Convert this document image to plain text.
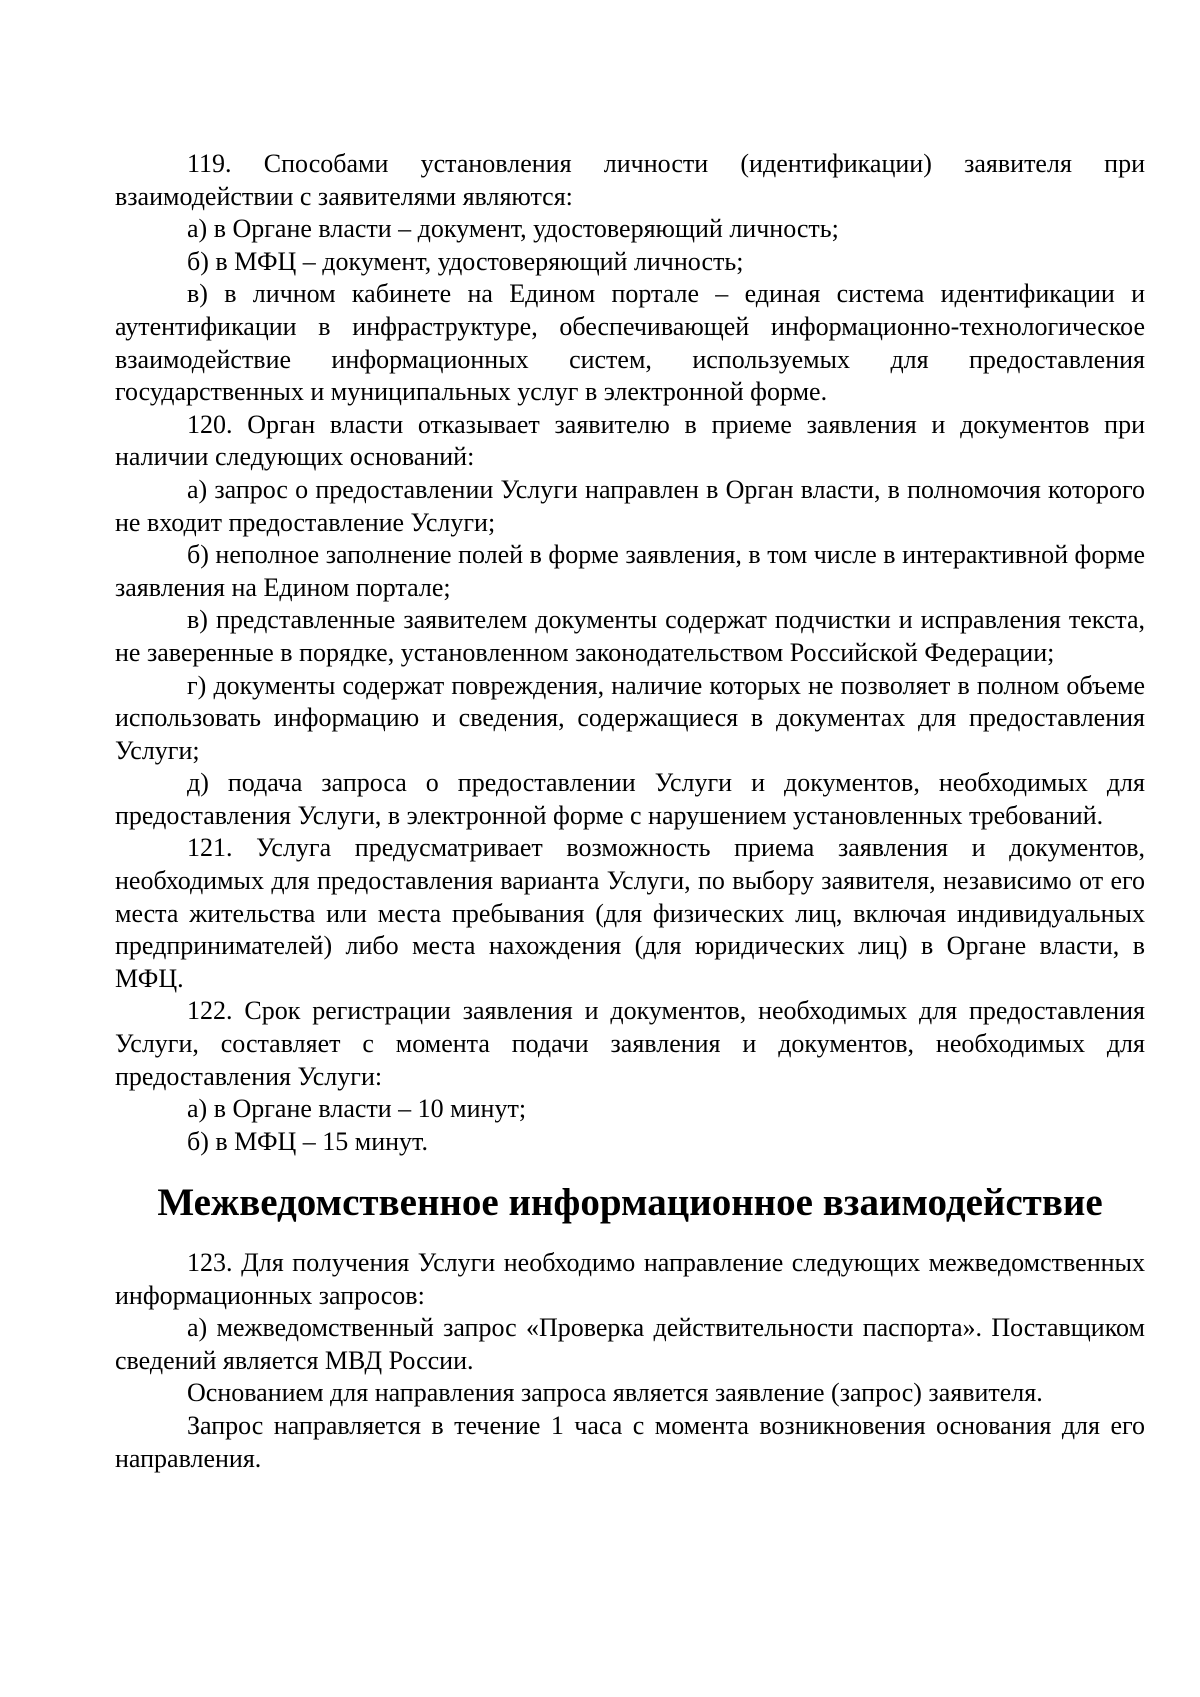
119. Способами установления личности (идентификации) заявителя при взаимодействии с заявителями являются:

а) в Органе власти – документ, удостоверяющий личность;

б) в МФЦ – документ, удостоверяющий личность;

в) в личном кабинете на Едином портале – единая система идентификации и аутентификации в инфраструктуре, обеспечивающей информационно-технологическое взаимодействие информационных систем, используемых для предоставления государственных и муниципальных услуг в электронной форме.

120. Орган власти отказывает заявителю в приеме заявления и документов при наличии следующих оснований:

а) запрос о предоставлении Услуги направлен в Орган власти, в полномочия которого не входит предоставление Услуги;

б) неполное заполнение полей в форме заявления, в том числе в интерактивной форме заявления на Едином портале;

в) представленные заявителем документы содержат подчистки и исправления текста, не заверенные в порядке, установленном законодательством Российской Федерации;

г) документы содержат повреждения, наличие которых не позволяет в полном объеме использовать информацию и сведения, содержащиеся в документах для предоставления Услуги;

д) подача запроса о предоставлении Услуги и документов, необходимых для предоставления Услуги, в электронной форме с нарушением установленных требований.

121. Услуга предусматривает возможность приема заявления и документов, необходимых для предоставления варианта Услуги, по выбору заявителя, независимо от его места жительства или места пребывания (для физических лиц, включая индивидуальных предпринимателей) либо места нахождения (для юридических лиц) в Органе власти, в МФЦ.

122. Срок регистрации заявления и документов, необходимых для предоставления Услуги, составляет с момента подачи заявления и документов, необходимых для предоставления Услуги:

а) в Органе власти – 10 минут;

б) в МФЦ – 15 минут.

Межведомственное информационное взаимодействие

123. Для получения Услуги необходимо направление следующих межведомственных информационных запросов:

а) межведомственный запрос «Проверка действительности паспорта». Поставщиком сведений является МВД России.

Основанием для направления запроса является заявление (запрос) заявителя.

Запрос направляется в течение 1 часа с момента возникновения основания для его направления.
